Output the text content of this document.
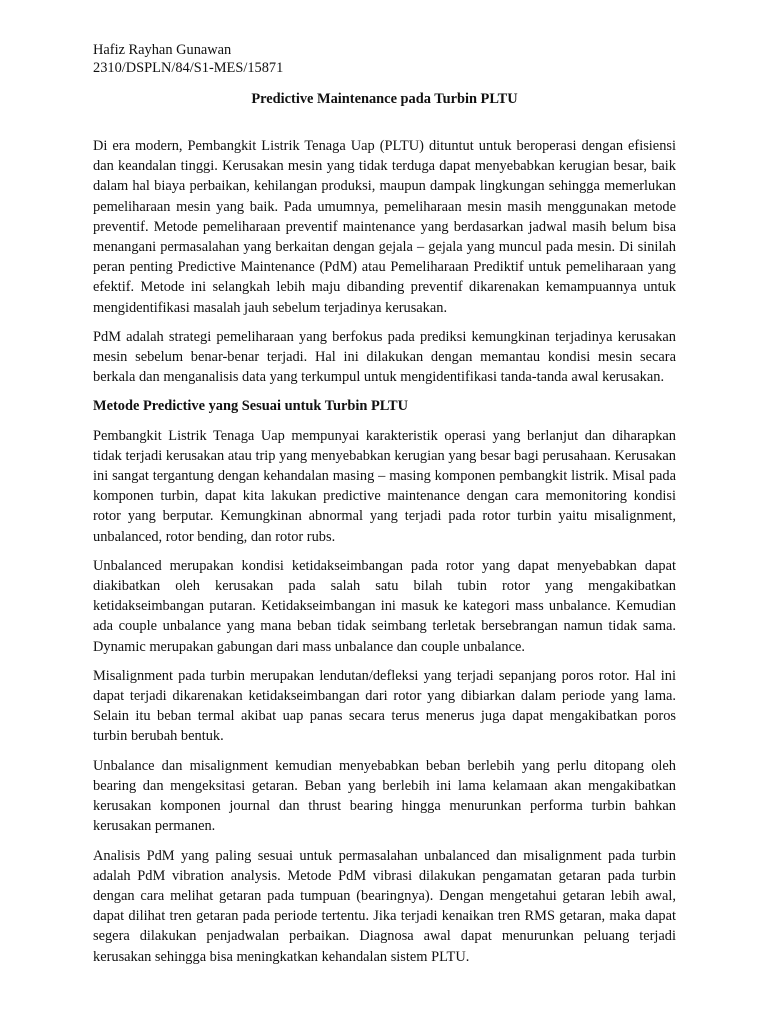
Hafiz Rayhan Gunawan

2310/DSPLN/84/S1-MES/15871

Predictive Maintenance pada Turbin PLTU

Di era modern, Pembangkit Listrik Tenaga Uap (PLTU) dituntut untuk beroperasi dengan efisiensi dan keandalan tinggi. Kerusakan mesin yang tidak terduga dapat menyebabkan kerugian besar, baik dalam hal biaya perbaikan, kehilangan produksi, maupun dampak lingkungan sehingga memerlukan pemeliharaan mesin yang baik. Pada umumnya, pemeliharaan mesin masih menggunakan metode preventif. Metode pemeliharaan preventif maintenance yang berdasarkan jadwal masih belum bisa menangani permasalahan yang berkaitan dengan gejala – gejala yang muncul pada mesin. Di sinilah peran penting Predictive Maintenance (PdM) atau Pemeliharaan Prediktif untuk pemeliharaan yang efektif. Metode ini selangkah lebih maju dibanding preventif dikarenakan kemampuannya untuk mengidentifikasi masalah jauh sebelum terjadinya kerusakan.

PdM adalah strategi pemeliharaan yang berfokus pada prediksi kemungkinan terjadinya kerusakan mesin sebelum benar-benar terjadi. Hal ini dilakukan dengan memantau kondisi mesin secara berkala dan menganalisis data yang terkumpul untuk mengidentifikasi tanda-tanda awal kerusakan.

Metode Predictive yang Sesuai untuk Turbin PLTU

Pembangkit Listrik Tenaga Uap mempunyai karakteristik operasi yang berlanjut dan diharapkan tidak terjadi kerusakan atau trip yang menyebabkan kerugian yang besar bagi perusahaan. Kerusakan ini sangat tergantung dengan kehandalan masing – masing komponen pembangkit listrik. Misal pada komponen turbin, dapat kita lakukan predictive maintenance dengan cara memonitoring kondisi rotor yang berputar. Kemungkinan abnormal yang terjadi pada rotor turbin yaitu misalignment, unbalanced, rotor bending, dan rotor rubs.

Unbalanced merupakan kondisi ketidakseimbangan pada rotor yang dapat menyebabkan dapat diakibatkan oleh kerusakan pada salah satu bilah tubin rotor yang mengakibatkan ketidakseimbangan putaran. Ketidakseimbangan ini masuk ke kategori mass unbalance. Kemudian ada couple unbalance yang mana beban tidak seimbang terletak bersebrangan namun tidak sama. Dynamic merupakan gabungan dari mass unbalance dan couple unbalance.

Misalignment pada turbin merupakan lendutan/defleksi yang terjadi sepanjang poros rotor. Hal ini dapat terjadi dikarenakan ketidakseimbangan dari rotor yang dibiarkan dalam periode yang lama. Selain itu beban termal akibat uap panas secara terus menerus juga dapat mengakibatkan poros turbin berubah bentuk.

Unbalance dan misalignment kemudian menyebabkan beban berlebih yang perlu ditopang oleh bearing dan mengeksitasi getaran. Beban yang berlebih ini lama kelamaan akan mengakibatkan kerusakan komponen journal dan thrust bearing hingga menurunkan performa turbin bahkan kerusakan permanen.

Analisis PdM yang paling sesuai untuk permasalahan unbalanced dan misalignment pada turbin adalah PdM vibration analysis. Metode PdM vibrasi dilakukan pengamatan getaran pada turbin dengan cara melihat getaran pada tumpuan (bearingnya). Dengan mengetahui getaran lebih awal, dapat dilihat tren getaran pada periode tertentu. Jika terjadi kenaikan tren RMS getaran, maka dapat segera dilakukan penjadwalan perbaikan. Diagnosa awal dapat menurunkan peluang terjadi kerusakan sehingga bisa meningkatkan kehandalan sistem PLTU.
